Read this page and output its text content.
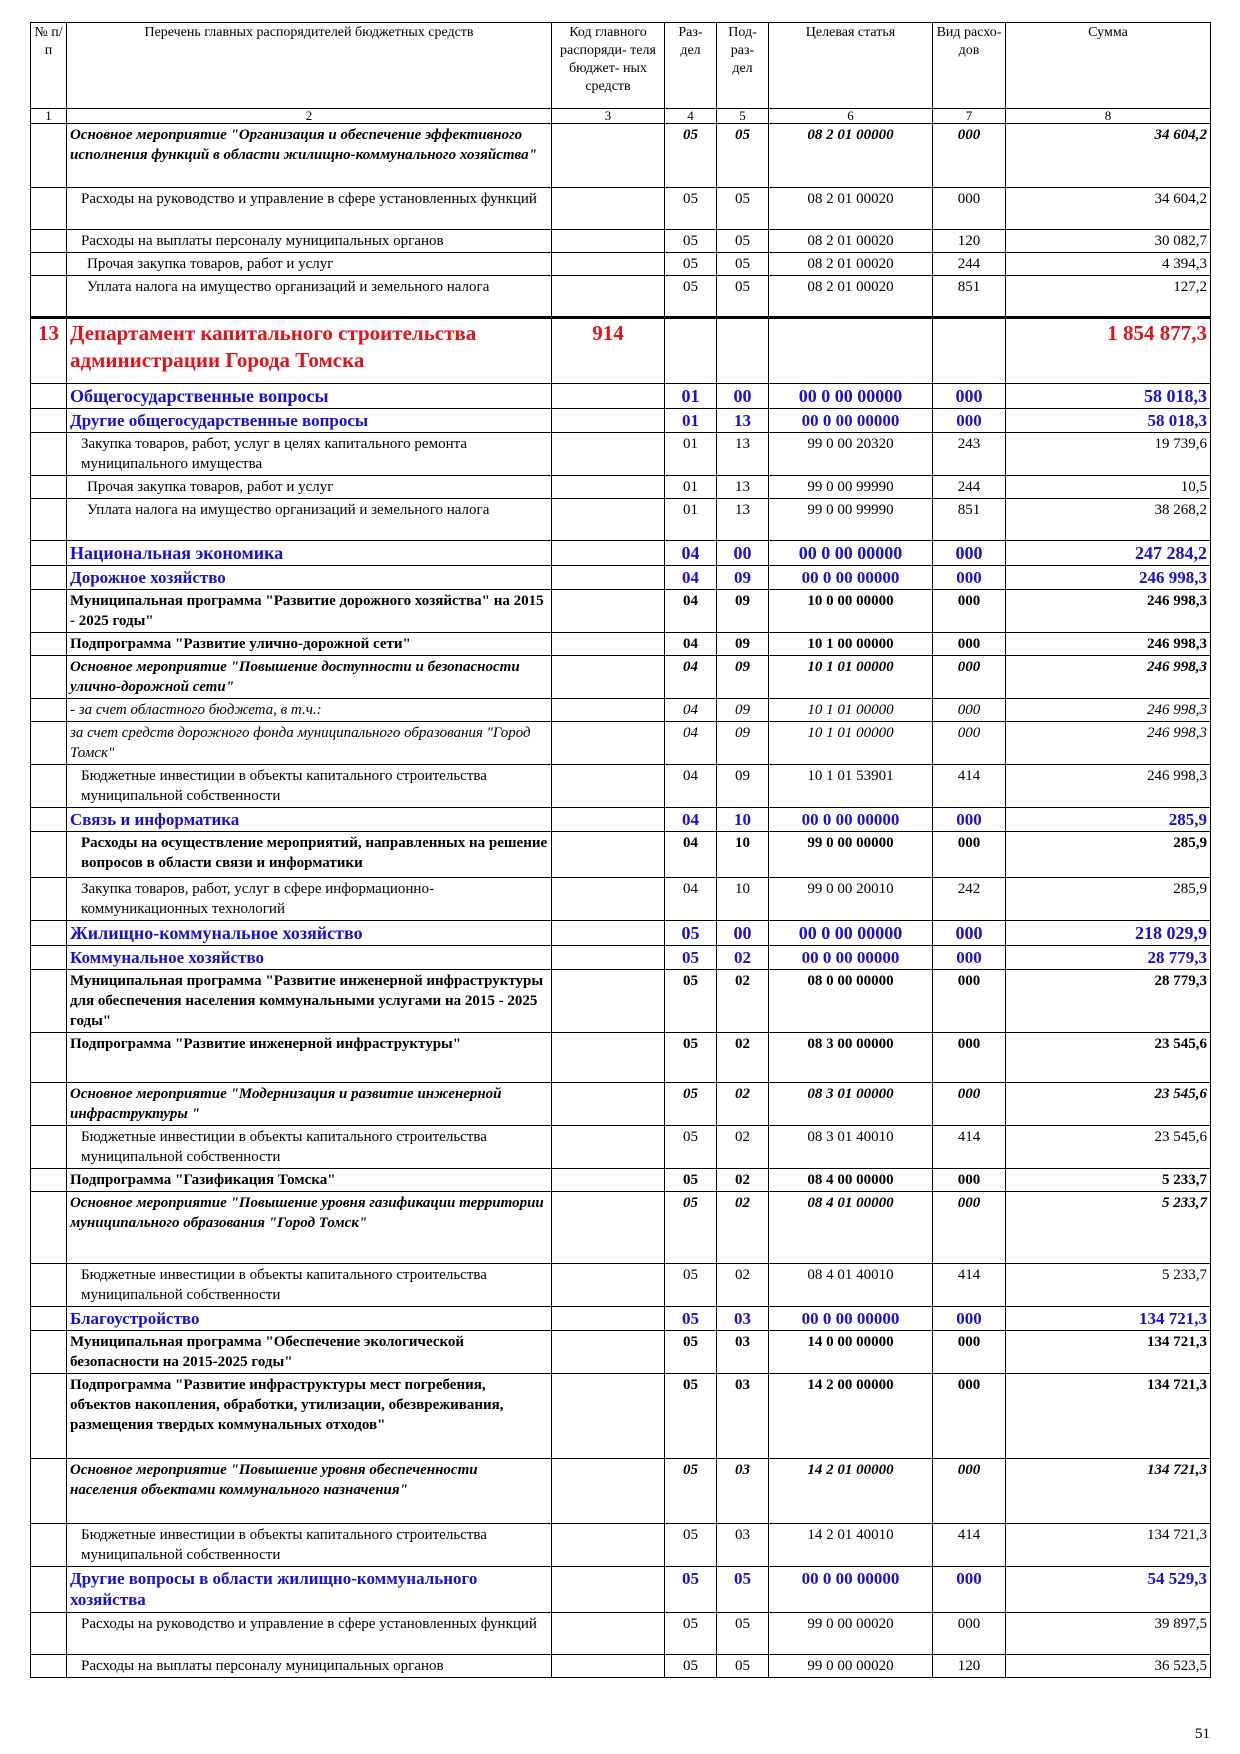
№ п/п	Перечень главных распорядителей бюджетных средств	Код главного распоряди- теля бюджет- ных средств	Раз- дел	Под- раз- дел	Целевая статья	Вид расхо- дов	Сумма
1	2	3	4	5	6	7	8
	Основное мероприятие "Организация и обеспечение эффективного исполнения функций в области жилищно-коммунального хозяйства"		05	05	08 2 01 00000	000	34 604,2
	Расходы на руководство и управление в сфере установленных функций		05	05	08 2 01 00020	000	34 604,2
	Расходы на выплаты персоналу муниципальных органов		05	05	08 2 01 00020	120	30 082,7
	Прочая закупка товаров, работ и услуг		05	05	08 2 01 00020	244	4 394,3
	Уплата налога на имущество организаций и земельного налога		05	05	08 2 01 00020	851	127,2
13	Департамент капитального строительства администрации Города Томска	914					1 854 877,3
	Общегосударственные вопросы		01	00	00 0 00 00000	000	58 018,3
	Другие общегосударственные вопросы		01	13	00 0 00 00000	000	58 018,3
	Закупка товаров, работ, услуг в целях капитального ремонта муниципального имущества		01	13	99 0 00 20320	243	19 739,6
	Прочая закупка товаров, работ и услуг		01	13	99 0 00 99990	244	10,5
	Уплата налога на имущество организаций и земельного налога		01	13	99 0 00 99990	851	38 268,2
	Национальная экономика		04	00	00 0 00 00000	000	247 284,2
	Дорожное хозяйство		04	09	00 0 00 00000	000	246 998,3
	Муниципальная программа "Развитие дорожного хозяйства" на 2015 - 2025 годы"		04	09	10 0 00 00000	000	246 998,3
	Подпрограмма "Развитие улично-дорожной сети"		04	09	10 1 00 00000	000	246 998,3
	Основное мероприятие "Повышение доступности и безопасности улично-дорожной сети"		04	09	10 1 01 00000	000	246 998,3
	- за счет областного бюджета, в т.ч.:		04	09	10 1 01 00000	000	246 998,3
	за счет средств дорожного фонда муниципального образования "Город Томск"		04	09	10 1 01 00000	000	246 998,3
	Бюджетные инвестиции в объекты капитального строительства муниципальной собственности		04	09	10 1 01 53901	414	246 998,3
	Связь и информатика		04	10	00 0 00 00000	000	285,9
	Расходы на осуществление мероприятий, направленных на решение вопросов в области связи и информатики		04	10	99 0 00 00000	000	285,9
	Закупка товаров, работ, услуг в сфере информационно-коммуникационных технологий		04	10	99 0 00 20010	242	285,9
	Жилищно-коммунальное хозяйство		05	00	00 0 00 00000	000	218 029,9
	Коммунальное хозяйство		05	02	00 0 00 00000	000	28 779,3
	Муниципальная программа "Развитие инженерной инфраструктуры для обеспечения населения коммунальными услугами на 2015 - 2025 годы"		05	02	08 0 00 00000	000	28 779,3
	Подпрограмма "Развитие инженерной инфраструктуры"		05	02	08 3 00 00000	000	23 545,6
	Основное мероприятие "Модернизация и развитие инженерной инфраструктуры "		05	02	08 3 01 00000	000	23 545,6
	Бюджетные инвестиции в объекты капитального строительства муниципальной собственности		05	02	08 3 01 40010	414	23 545,6
	Подпрограмма "Газификация Томска"		05	02	08 4 00 00000	000	5 233,7
	Основное мероприятие "Повышение уровня газификации территории муниципального образования "Город Томск"		05	02	08 4 01 00000	000	5 233,7
	Бюджетные инвестиции в объекты капитального строительства муниципальной собственности		05	02	08 4 01 40010	414	5 233,7
	Благоустройство		05	03	00 0 00 00000	000	134 721,3
	Муниципальная программа "Обеспечение экологической безопасности на 2015-2025 годы"		05	03	14 0 00 00000	000	134 721,3
	Подпрограмма "Развитие инфраструктуры мест погребения, объектов накопления, обработки, утилизации, обезвреживания, размещения твердых коммунальных отходов"		05	03	14 2 00 00000	000	134 721,3
	Основное мероприятие "Повышение уровня обеспеченности населения объектами коммунального назначения"		05	03	14 2 01 00000	000	134 721,3
	Бюджетные инвестиции в объекты капитального строительства муниципальной собственности		05	03	14 2 01 40010	414	134 721,3
	Другие вопросы в области жилищно-коммунального хозяйства		05	05	00 0 00 00000	000	54 529,3
	Расходы на руководство и управление в сфере установленных функций		05	05	99 0 00 00020	000	39 897,5
	Расходы на выплаты персоналу муниципальных органов		05	05	99 0 00 00020	120	36 523,5
51
